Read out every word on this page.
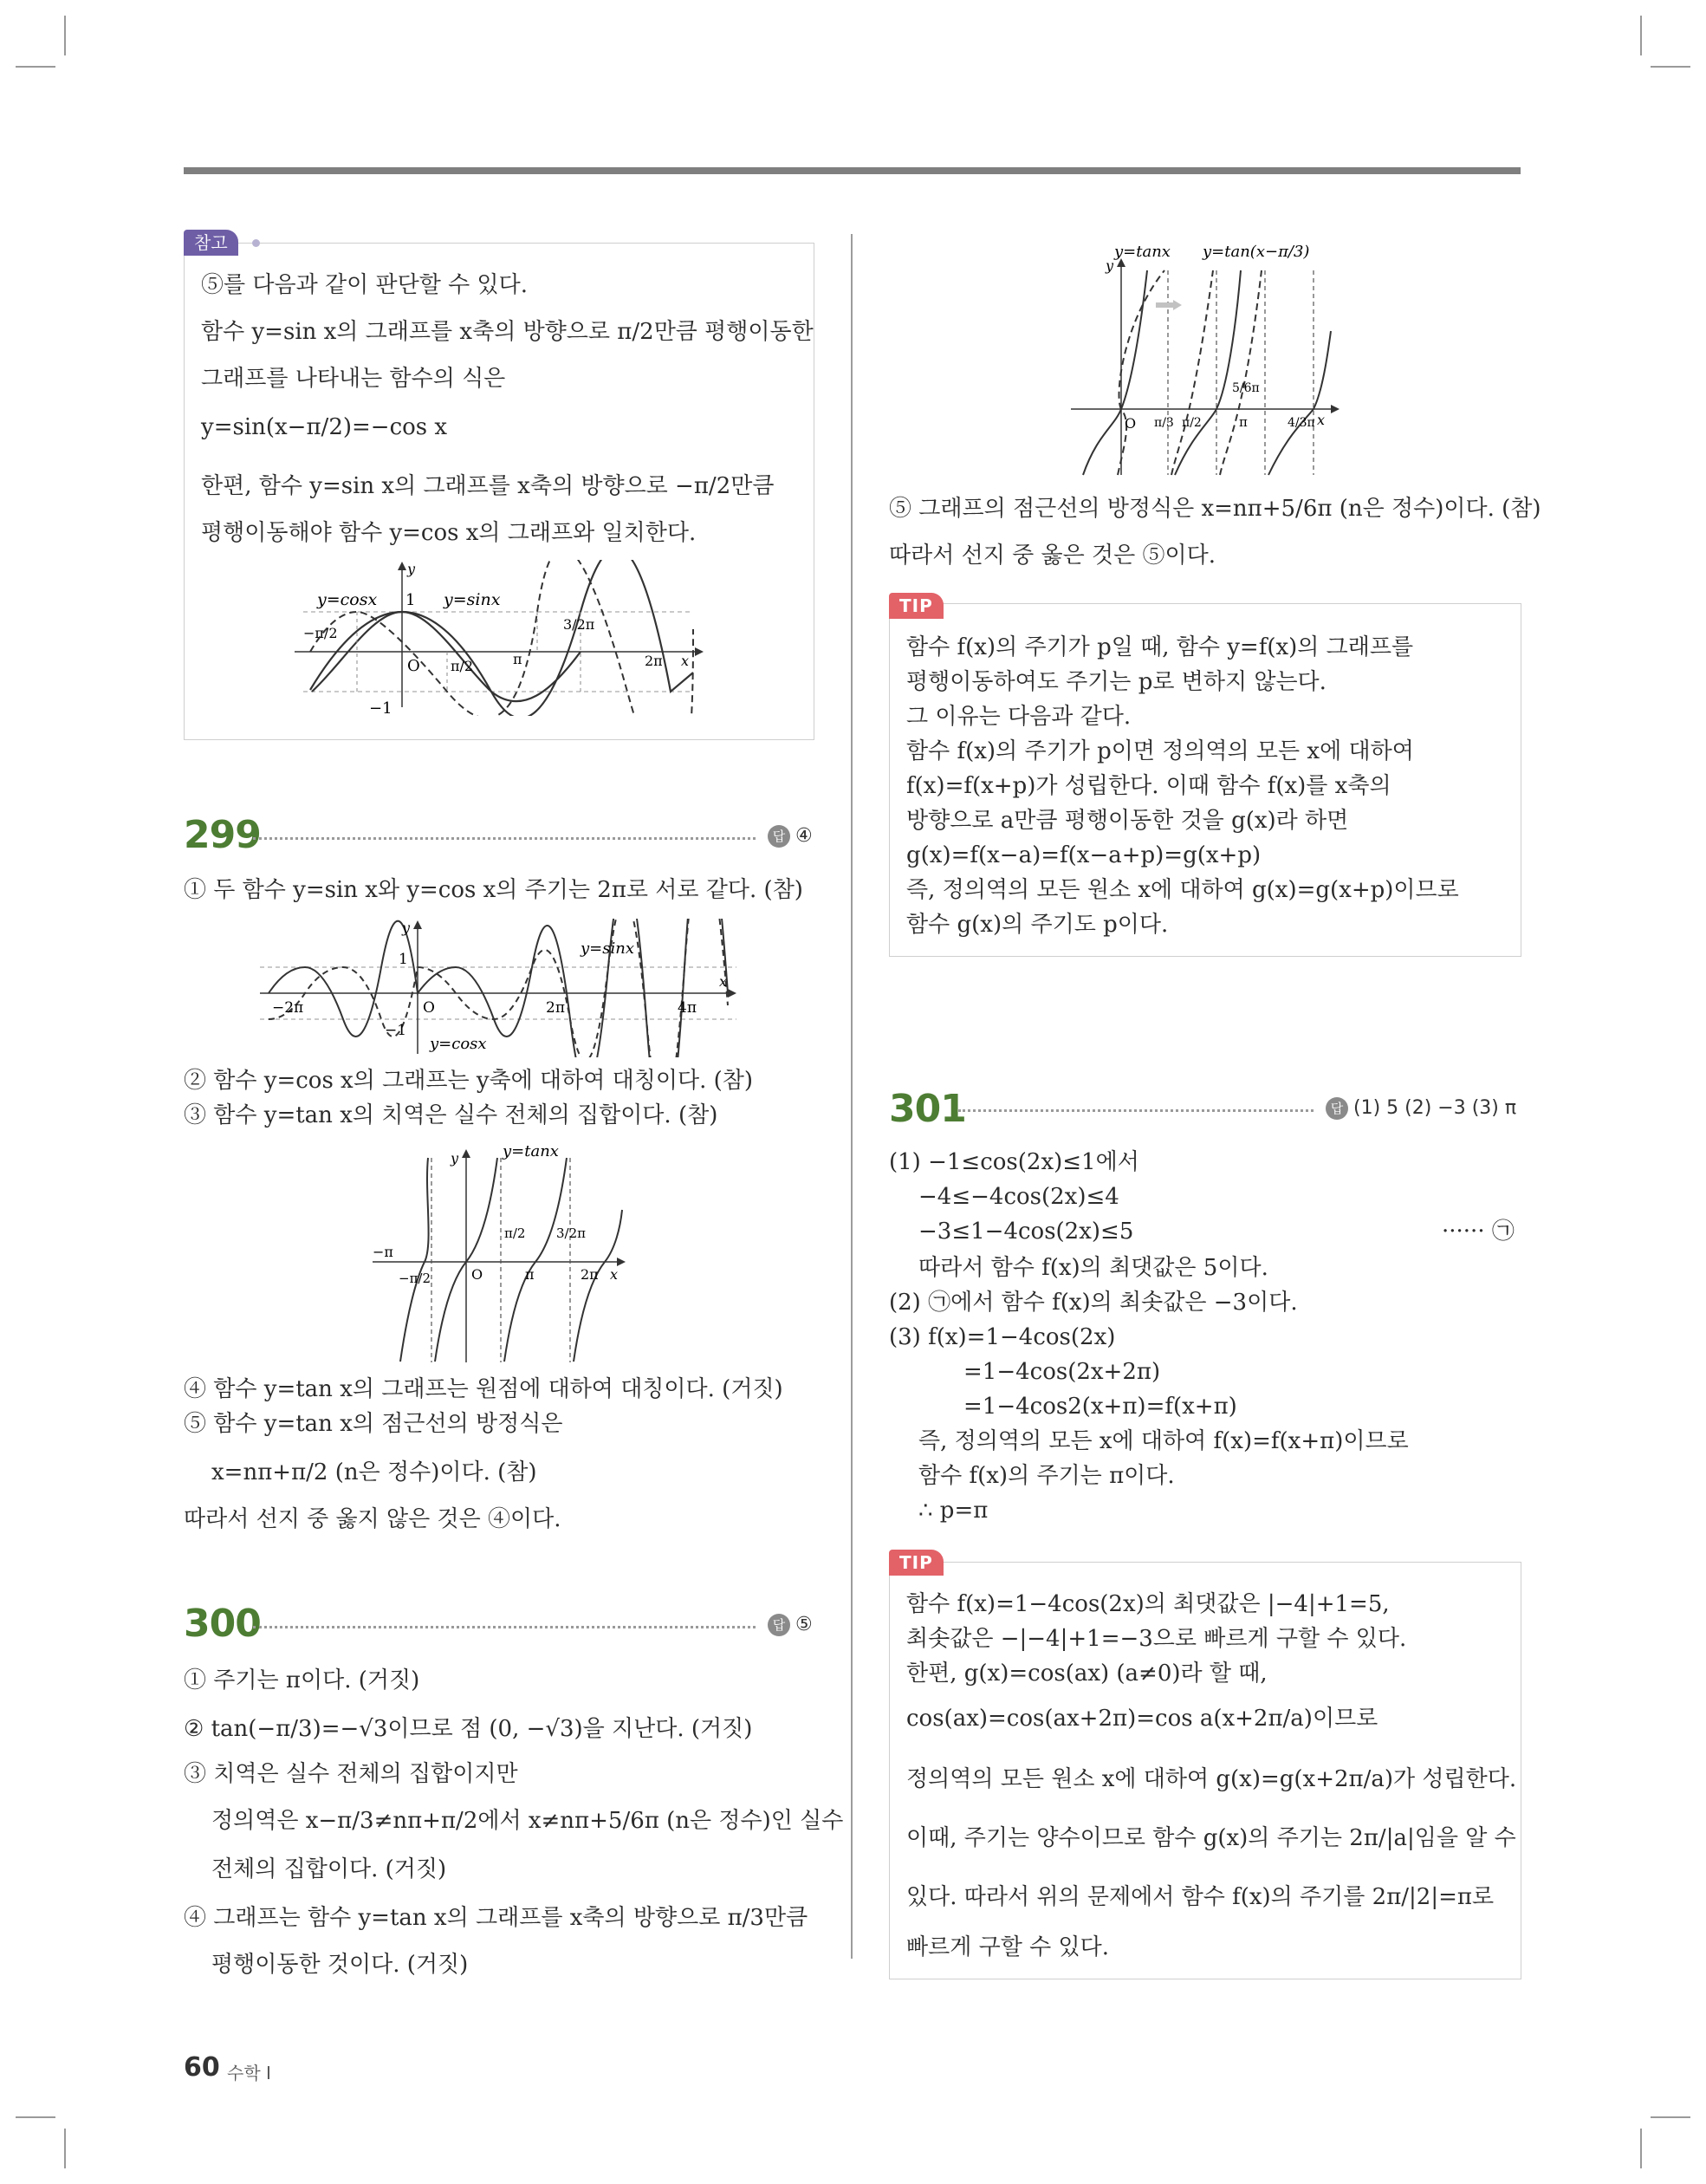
참고
⑤를 다음과 같이 판단할 수 있다.
함수 y=sin x의 그래프를 x축의 방향으로 π/2만큼 평행이동한
그래프를 나타내는 함수의 식은
y=sin(x−π/2)=−cos x
한편, 함수 y=sin x의 그래프를 x축의 방향으로 −π/2만큼
평행이동해야 함수 y=cos x의 그래프와 일치한다.
y=cosx	y=sinx
1
−1
O
−π/2
π/2	π
3/2π
2π
y
x
299	답 ④
① 두 함수 y=sin x와 y=cos x의 주기는 2π로 서로 같다. (참)
y=sinx
y=cosx
1
−1
O
−2π	2π	4π
y
x
② 함수 y=cos x의 그래프는 y축에 대하여 대칭이다. (참)
③ 함수 y=tan x의 치역은 실수 전체의 집합이다. (참)
y=tanx
−π
−π/2
π/2
π
3/2π
2π
O
y
x
④ 함수 y=tan x의 그래프는 원점에 대하여 대칭이다. (거짓)
⑤ 함수 y=tan x의 점근선의 방정식은
x=nπ+π/2 (n은 정수)이다. (참)
따라서 선지 중 옳지 않은 것은 ④이다.
300	답 ⑤
① 주기는 π이다. (거짓)
② tan(−π/3)=−√3이므로 점 (0, −√3)을 지난다. (거짓)
③ 치역은 실수 전체의 집합이지만
정의역은 x−π/3≠nπ+π/2에서 x≠nπ+5/6π (n은 정수)인 실수
전체의 집합이다. (거짓)
④ 그래프는 함수 y=tan x의 그래프를 x축의 방향으로 π/3만큼
평행이동한 것이다. (거짓)
y=tanx y=tan(x−π/3)
O π/3 π/2
5/6π
π	4/3π
y
x
⑤ 그래프의 점근선의 방정식은 x=nπ+5/6π (n은 정수)이다. (참)
따라서 선지 중 옳은 것은 ⑤이다.
TIP
함수 f(x)의 주기가 p일 때, 함수 y=f(x)의 그래프를
평행이동하여도 주기는 p로 변하지 않는다.
그 이유는 다음과 같다.
함수 f(x)의 주기가 p이면 정의역의 모든 x에 대하여
f(x)=f(x+p)가 성립한다. 이때 함수 f(x)를 x축의
방향으로 a만큼 평행이동한 것을 g(x)라 하면
g(x)=f(x−a)=f(x−a+p)=g(x+p)
즉, 정의역의 모든 원소 x에 대하여 g(x)=g(x+p)이므로
함수 g(x)의 주기도 p이다.
301	답 (1) 5 (2) −3 (3) π
(1) −1≤cos(2x)≤1에서
−4≤−4cos(2x)≤4
−3≤1−4cos(2x)≤5	······ ㉠
따라서 함수 f(x)의 최댓값은 5이다.
(2) ㉠에서 함수 f(x)의 최솟값은 −3이다.
(3) f(x)=1−4cos(2x)
=1−4cos(2x+2π)
=1−4cos2(x+π)=f(x+π)
즉, 정의역의 모든 x에 대하여 f(x)=f(x+π)이므로
함수 f(x)의 주기는 π이다.
∴ p=π
TIP
함수 f(x)=1−4cos(2x)의 최댓값은 |−4|+1=5,
최솟값은 −|−4|+1=−3으로 빠르게 구할 수 있다.
한편, g(x)=cos(ax) (a≠0)라 할 때,
cos(ax)=cos(ax+2π)=cos a(x+2π/a)이므로
정의역의 모든 원소 x에 대하여 g(x)=g(x+2π/a)가 성립한다.
이때, 주기는 양수이므로 함수 g(x)의 주기는 2π/|a|임을 알 수
있다. 따라서 위의 문제에서 함수 f(x)의 주기를 2π/|2|=π로
빠르게 구할 수 있다.
60 수학 I
